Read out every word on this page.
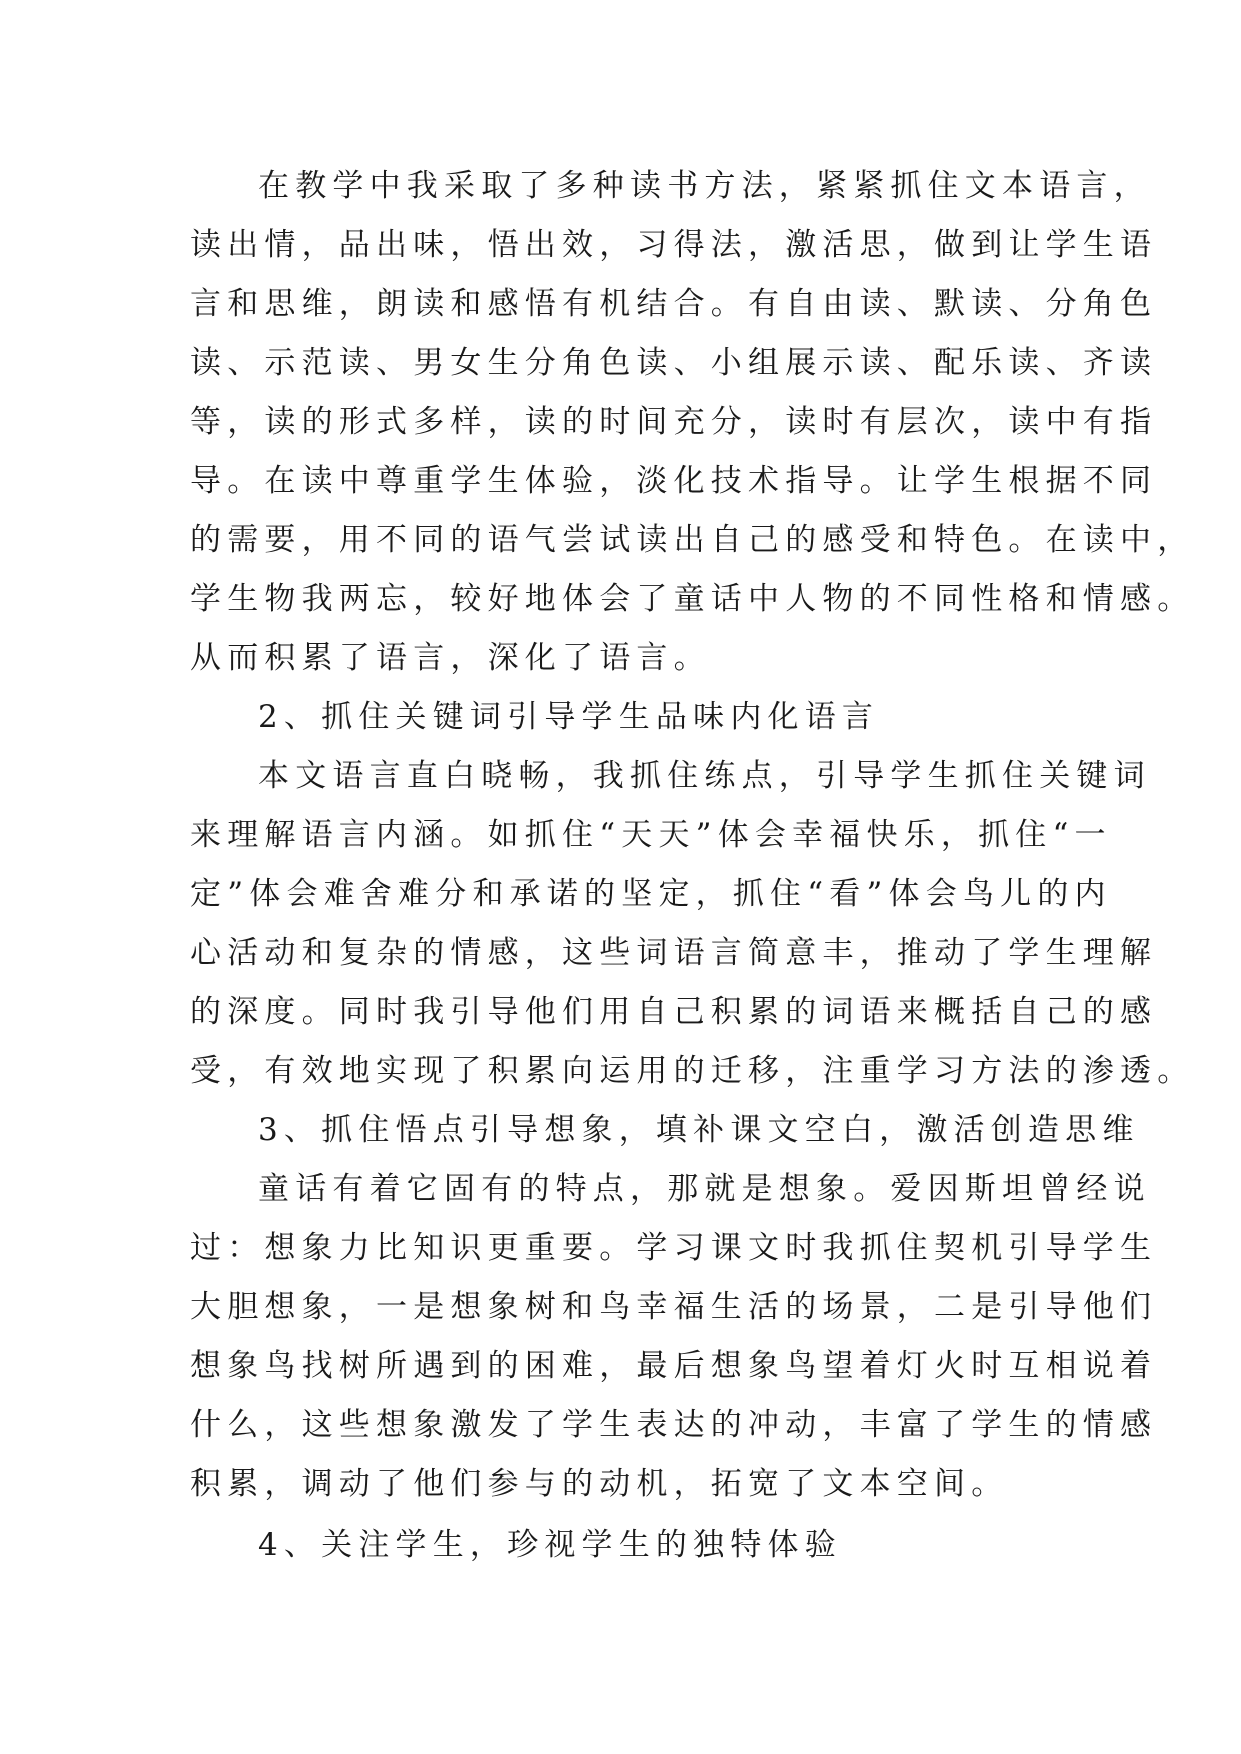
在教学中我采取了多种读书方法，紧紧抓住文本语言，
读出情，品出味，悟出效，习得法，激活思，做到让学生语
言和思维，朗读和感悟有机结合。有自由读、默读、分角色
读、示范读、男女生分角色读、小组展示读、配乐读、齐读
等，读的形式多样，读的时间充分，读时有层次，读中有指
导。在读中尊重学生体验，淡化技术指导。让学生根据不同
的需要，用不同的语气尝试读出自己的感受和特色。在读中，
学生物我两忘，较好地体会了童话中人物的不同性格和情感。
从而积累了语言，深化了语言。
2、抓住关键词引导学生品味内化语言
本文语言直白晓畅，我抓住练点，引导学生抓住关键词
来理解语言内涵。如抓住“天天”体会幸福快乐，抓住“一
定”体会难舍难分和承诺的坚定，抓住“看”体会鸟儿的内
心活动和复杂的情感，这些词语言简意丰，推动了学生理解
的深度。同时我引导他们用自己积累的词语来概括自己的感
受，有效地实现了积累向运用的迁移，注重学习方法的渗透。
3、抓住悟点引导想象，填补课文空白，激活创造思维
童话有着它固有的特点，那就是想象。爱因斯坦曾经说
过：想象力比知识更重要。学习课文时我抓住契机引导学生
大胆想象，一是想象树和鸟幸福生活的场景，二是引导他们
想象鸟找树所遇到的困难，最后想象鸟望着灯火时互相说着
什么，这些想象激发了学生表达的冲动，丰富了学生的情感
积累，调动了他们参与的动机，拓宽了文本空间。
4、关注学生，珍视学生的独特体验
